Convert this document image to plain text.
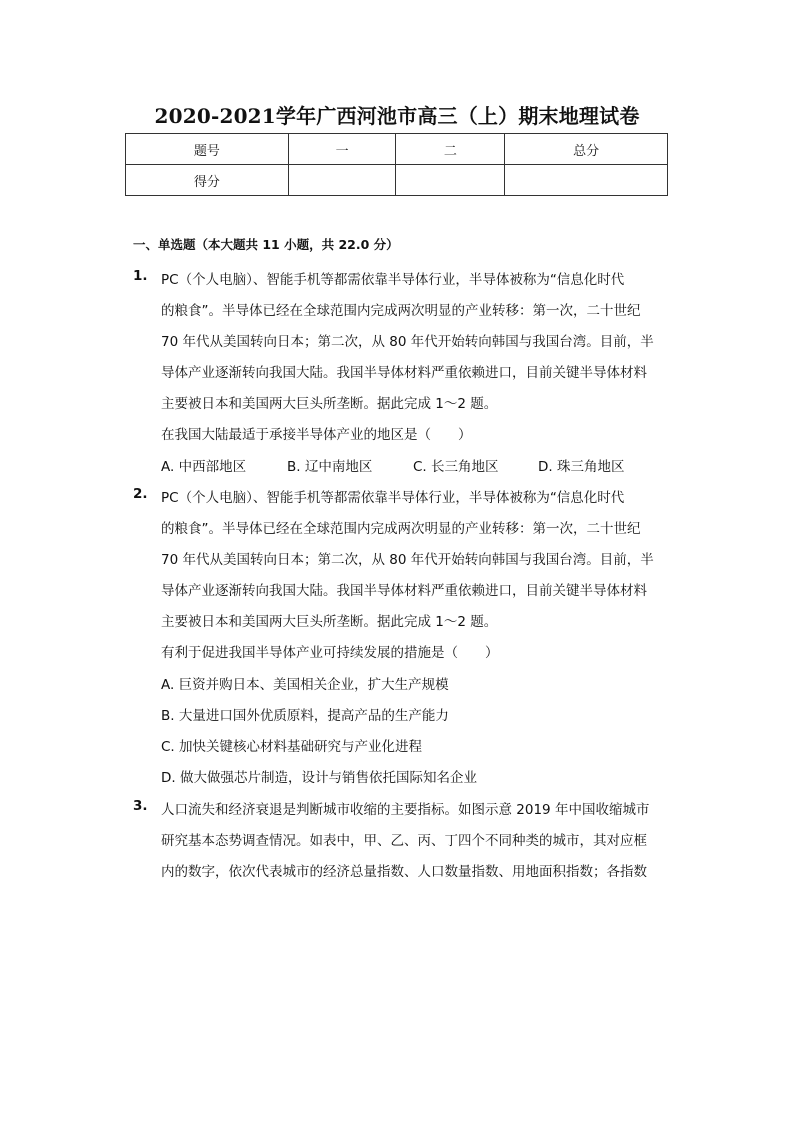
2020-2021学年广西河池市高三（上）期末地理试卷
题号	一	二	总分
得分			
一、单选题（本大题共 11 小题，共 22.0 分）
1. PC（个人电脑）、智能手机等都需依靠半导体行业，半导体被称为“信息化时代
的粮食”。半导体已经在全球范围内完成两次明显的产业转移：第一次，二十世纪
70 年代从美国转向日本；第二次，从 80 年代开始转向韩国与我国台湾。目前，半
导体产业逐渐转向我国大陆。我国半导体材料严重依赖进口，目前关键半导体材料
主要被日本和美国两大巨头所垄断。据此完成 1～2 题。
在我国大陆最适于承接半导体产业的地区是（　　）
A. 中西部地区	B. 辽中南地区	C. 长三角地区	D. 珠三角地区
2. PC（个人电脑）、智能手机等都需依靠半导体行业，半导体被称为“信息化时代
的粮食”。半导体已经在全球范围内完成两次明显的产业转移：第一次，二十世纪
70 年代从美国转向日本；第二次，从 80 年代开始转向韩国与我国台湾。目前，半
导体产业逐渐转向我国大陆。我国半导体材料严重依赖进口，目前关键半导体材料
主要被日本和美国两大巨头所垄断。据此完成 1～2 题。
有利于促进我国半导体产业可持续发展的措施是（　　）
A. 巨资并购日本、美国相关企业，扩大生产规模
B. 大量进口国外优质原料，提高产品的生产能力
C. 加快关键核心材料基础研究与产业化进程
D. 做大做强芯片制造，设计与销售依托国际知名企业
3. 人口流失和经济衰退是判断城市收缩的主要指标。如图示意 2019 年中国收缩城市
研究基本态势调查情况。如表中，甲、乙、丙、丁四个不同种类的城市，其对应框
内的数字，依次代表城市的经济总量指数、人口数量指数、用地面积指数；各指数
